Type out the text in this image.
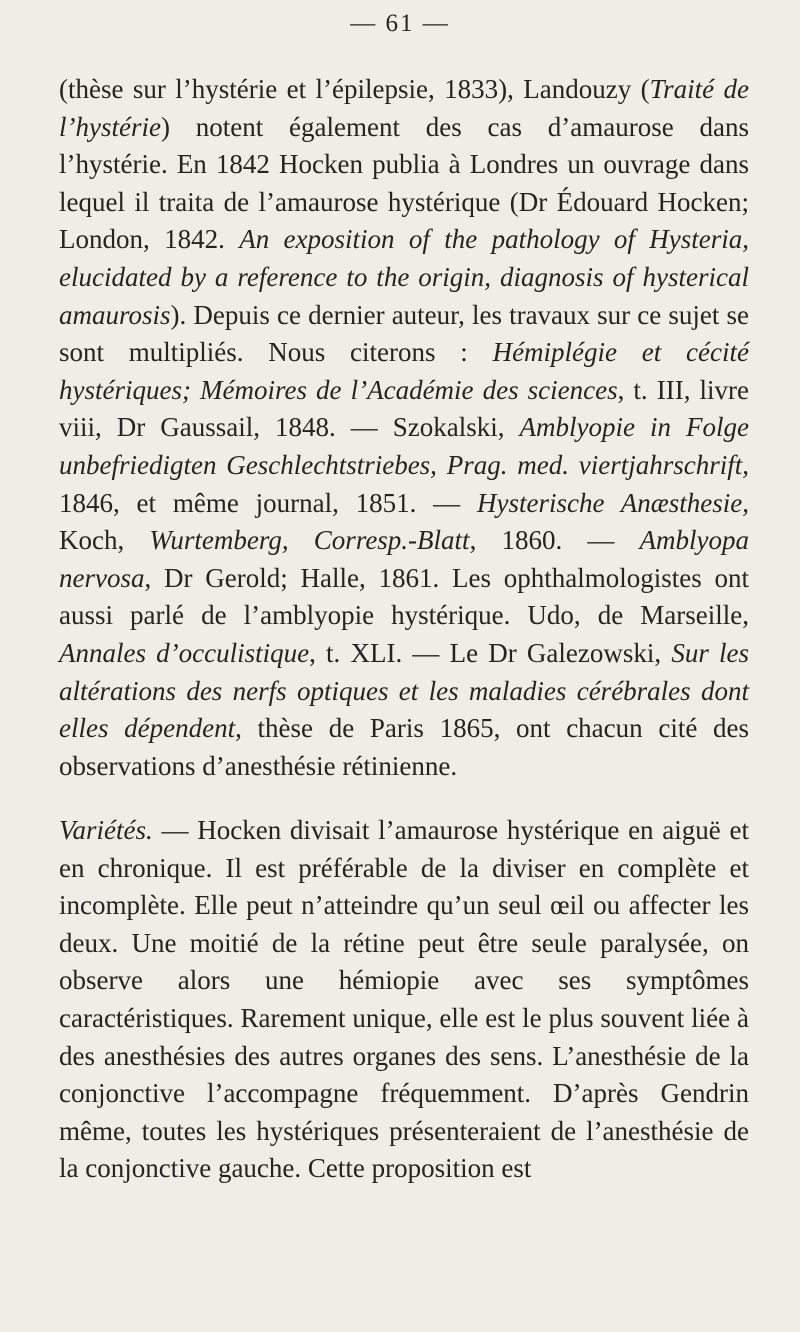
— 61 —

(thèse sur l’hystérie et l’épilepsie, 1833), Landouzy (Traité de l’hystérie) notent également des cas d’amaurose dans l’hystérie. En 1842 Hocken publia à Londres un ouvrage dans lequel il traita de l’amaurose hystérique (Dr Édouard Hocken; London, 1842. An exposition of the pathology of Hysteria, elucidated by a reference to the origin, diagnosis of hysterical amaurosis). Depuis ce dernier auteur, les travaux sur ce sujet se sont multipliés. Nous citerons : Hémiplégie et cécité hystériques; Mémoires de l’Académie des sciences, t. III, livre viii, Dr Gaussail, 1848. — Szokalski, Amblyopie in Folge unbefriedigten Geschlechtstriebes, Prag. med. viertjahrschrift, 1846, et même journal, 1851. — Hysterische Anæsthesie, Koch, Wurtemberg, Corresp.-Blatt, 1860. — Amblyopa nervosa, Dr Gerold; Halle, 1861. Les ophthalmologistes ont aussi parlé de l’amblyopie hystérique. Udo, de Marseille, Annales d’occulistique, t. XLI. — Le Dr Galezowski, Sur les altérations des nerfs optiques et les maladies cérébrales dont elles dépendent, thèse de Paris 1865, ont chacun cité des observations d’anesthésie rétinienne.

Variétés. — Hocken divisait l’amaurose hystérique en aiguë et en chronique. Il est préférable de la diviser en complète et incomplète. Elle peut n’atteindre qu’un seul œil ou affecter les deux. Une moitié de la rétine peut être seule paralysée, on observe alors une hémiopie avec ses symptômes caractéristiques. Rarement unique, elle est le plus souvent liée à des anesthésies des autres organes des sens. L’anesthésie de la conjonctive l’accompagne fréquemment. D’après Gendrin même, toutes les hystériques présenteraient de l’anesthésie de la conjonctive gauche. Cette proposition est
